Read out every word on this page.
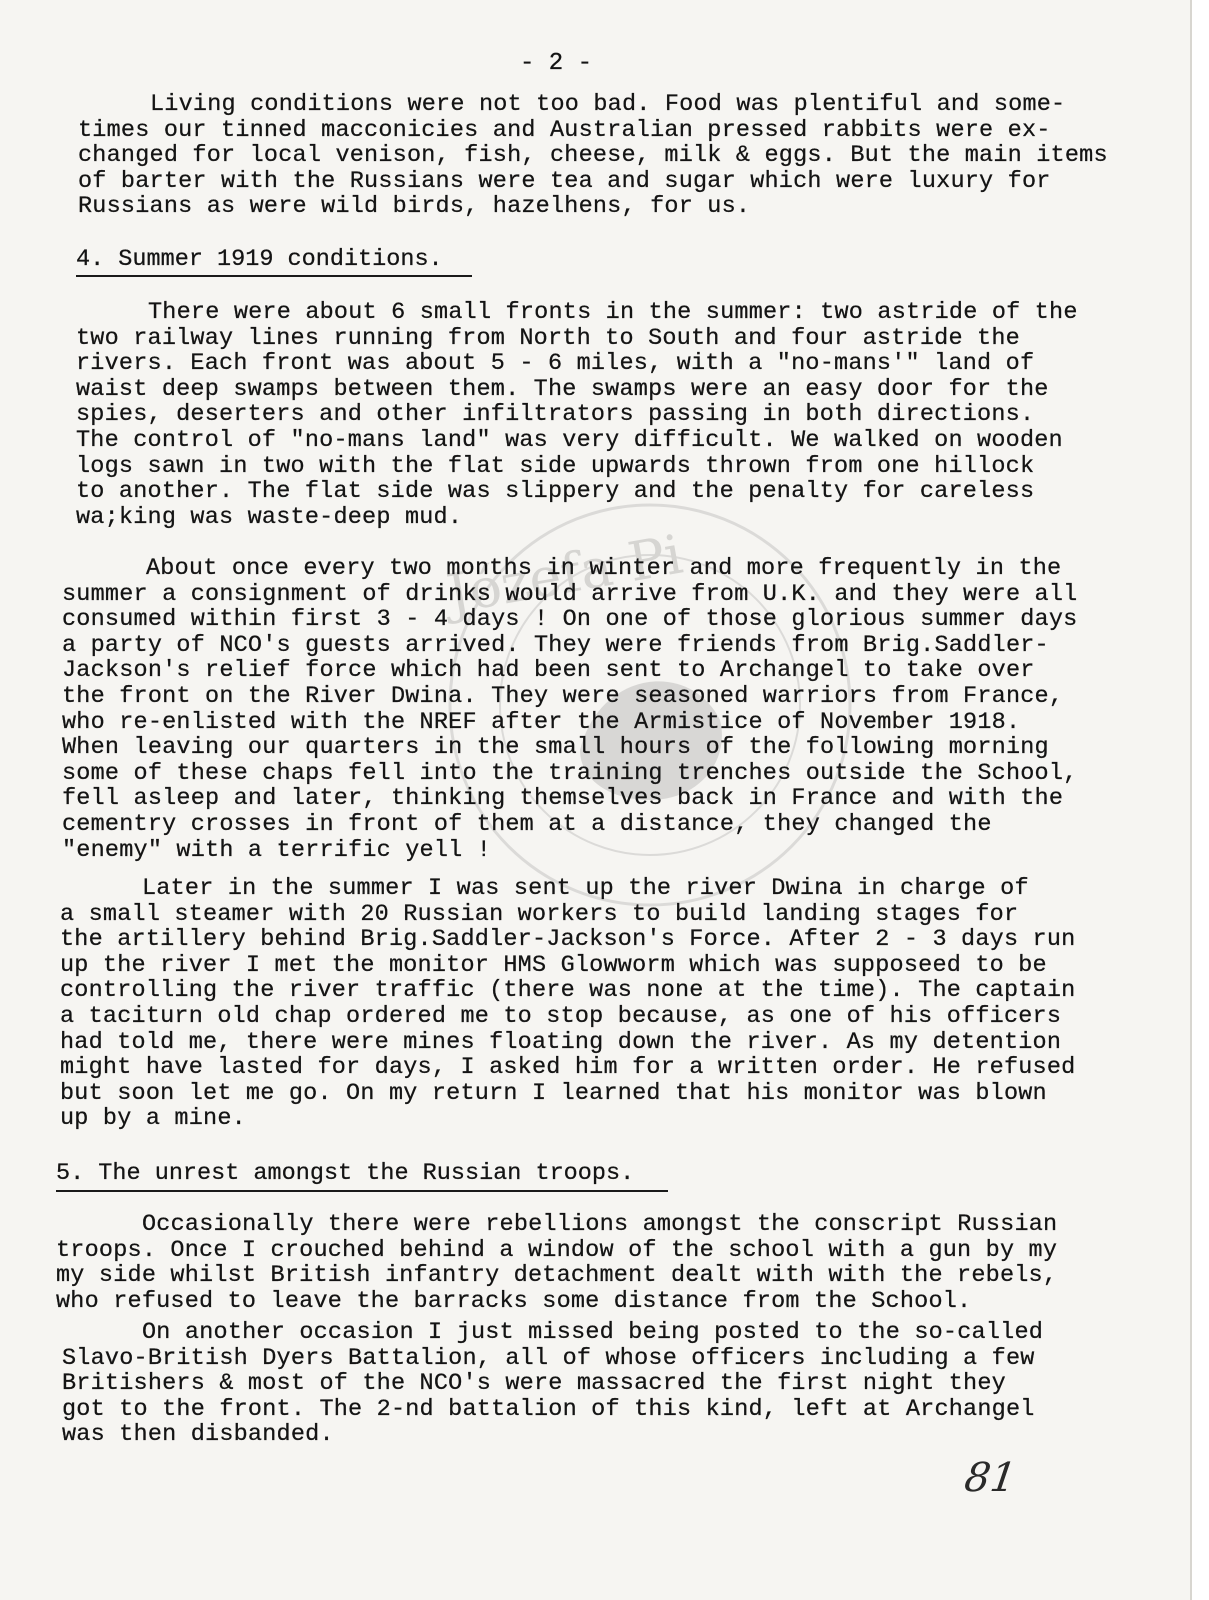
Józefa Pi
- 2 -
Living conditions were not too bad. Food was plentiful and some-
times our tinned macconicies and Australian pressed rabbits were ex-
changed for local venison, fish, cheese, milk & eggs. But the main items
of barter with the Russians were tea and sugar which were luxury for
Russians as were wild birds, hazelhens, for us.
4. Summer 1919 conditions.
There were about 6 small fronts in the summer: two astride of the
two railway lines running from North to South and four astride the
rivers. Each front was about 5 - 6 miles, with a "no-mans'" land of
waist deep swamps between them. The swamps were an easy door for the
spies, deserters and other infiltrators passing in both directions.
The control of "no-mans land" was very difficult. We walked on wooden
logs sawn in two with the flat side upwards thrown from one hillock
to another. The flat side was slippery and the penalty for careless
wa;king was waste-deep mud.
About once every two months in winter and more frequently in the
summer a consignment of drinks would arrive from U.K. and they were all
consumed within first 3 - 4 days ! On one of those glorious summer days
a party of NCO's guests arrived. They were friends from Brig.Saddler-
Jackson's relief force which had been sent to Archangel to take over
the front on the River Dwina. They were seasoned warriors from France,
who re-enlisted with the NREF after the Armistice of November 1918.
When leaving our quarters in the small hours of the following morning
some of these chaps fell into the training trenches outside the School,
fell asleep and later, thinking themselves back in France and with the
cementry crosses in front of them at a distance, they changed the
"enemy" with a terrific yell !
Later in the summer I was sent up the river Dwina in charge of
a small steamer with 20 Russian workers to build landing stages for
the artillery behind Brig.Saddler-Jackson's Force. After 2 - 3 days run
up the river I met the monitor HMS Glowworm which was supposeed to be
controlling the river traffic (there was none at the time). The captain
a taciturn old chap ordered me to stop because, as one of his officers
had told me, there were mines floating down the river. As my detention
might have lasted for days, I asked him for a written order. He refused
but soon let me go. On my return I learned that his monitor was blown
up by a mine.
5. The unrest amongst the Russian troops.
Occasionally there were rebellions amongst the conscript Russian
troops. Once I crouched behind a window of the school with a gun by my
my side whilst British infantry detachment dealt with with the rebels,
who refused to leave the barracks some distance from the School.
On another occasion I just missed being posted to the so-called
Slavo-British Dyers Battalion, all of whose officers including a few
Britishers & most of the NCO's were massacred the first night they
got to the front. The 2-nd battalion of this kind, left at Archangel
was then disbanded.
81
